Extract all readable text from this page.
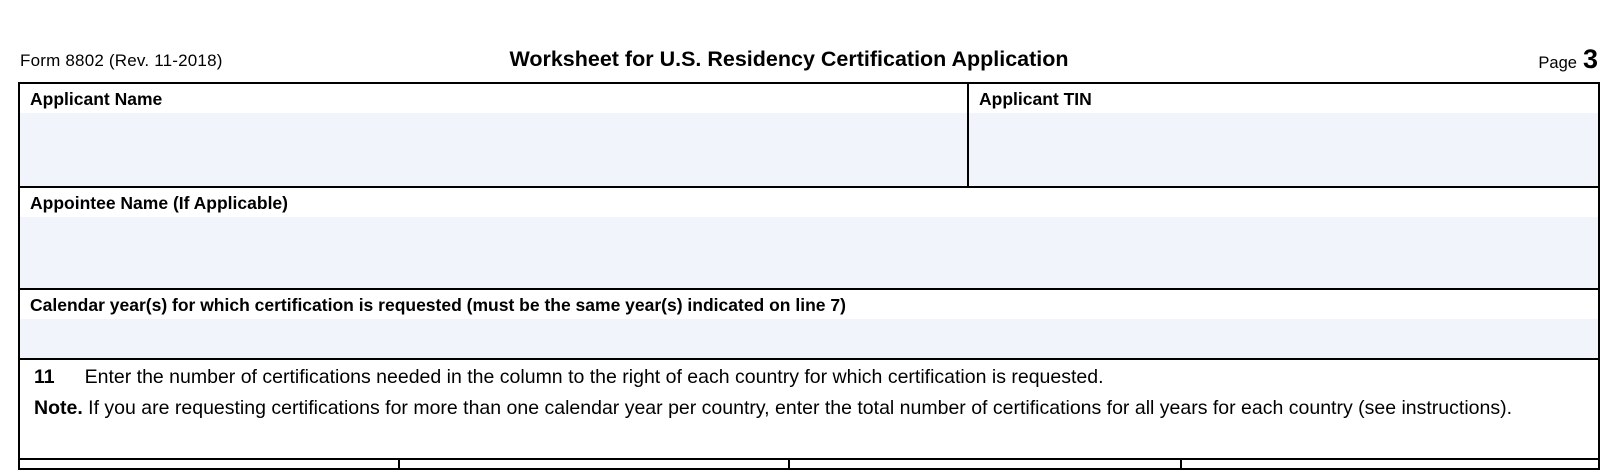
Form 8802 (Rev. 11-2018)	Worksheet for U.S. Residency Certification Application	Page 3
Applicant Name	Applicant TIN
Appointee Name (If Applicable)
Calendar year(s) for which certification is requested (must be the same year(s) indicated on line 7)
11 Enter the number of certifications needed in the column to the right of each country for which certification is requested.
Note. If you are requesting certifications for more than one calendar year per country, enter the total number of certifications for all years for each country (see instructions).
